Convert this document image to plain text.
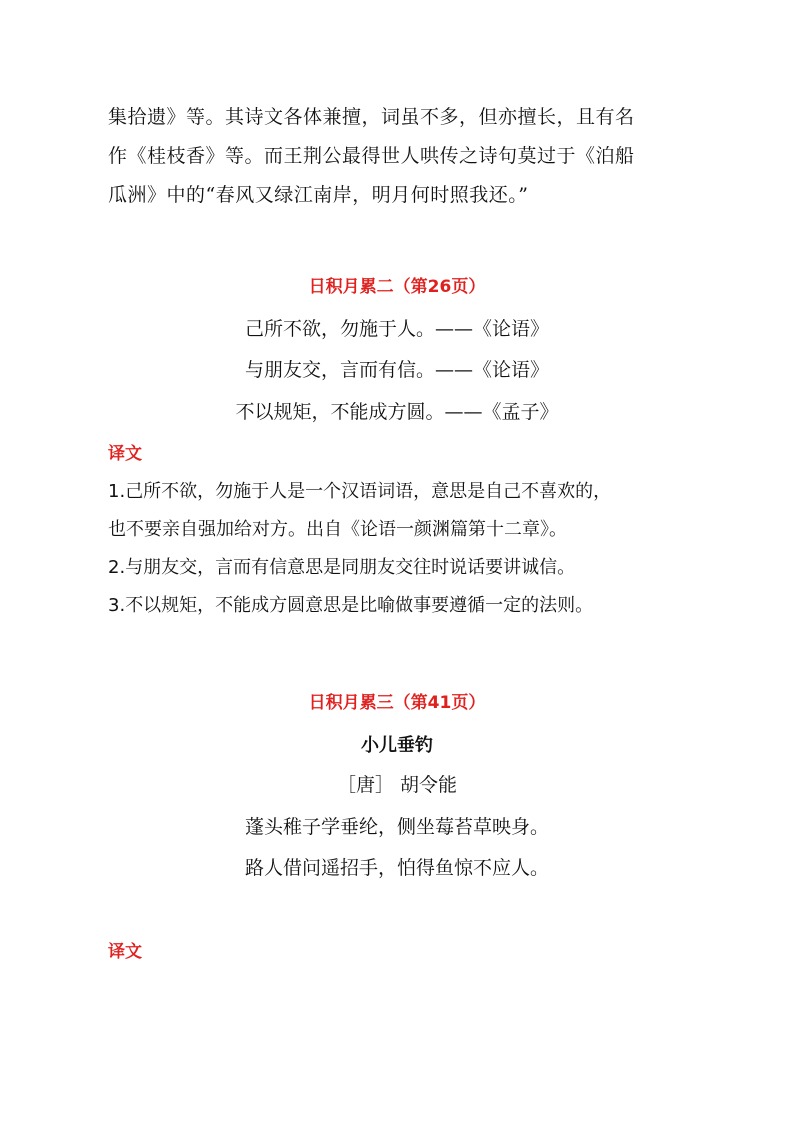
集拾遗》等。其诗文各体兼擅，词虽不多，但亦擅长，且有名
作《桂枝香》等。而王荆公最得世人哄传之诗句莫过于《泊船
瓜洲》中的“春风又绿江南岸，明月何时照我还。”

日积月累二（第26页）

己所不欲，勿施于人。——《论语》

与朋友交，言而有信。——《论语》

不以规矩，不能成方圆。——《孟子》

译文

1.己所不欲，勿施于人是一个汉语词语，意思是自己不喜欢的，
也不要亲自强加给对方。出自《论语一颜渊篇第十二章》。
2.与朋友交，言而有信意思是同朋友交往时说话要讲诚信。
3.不以规矩，不能成方圆意思是比喻做事要遵循一定的法则。

日积月累三（第41页）

小儿垂钓

［唐］ 胡令能

蓬头稚子学垂纶，侧坐莓苔草映身。

路人借问遥招手，怕得鱼惊不应人。

译文
